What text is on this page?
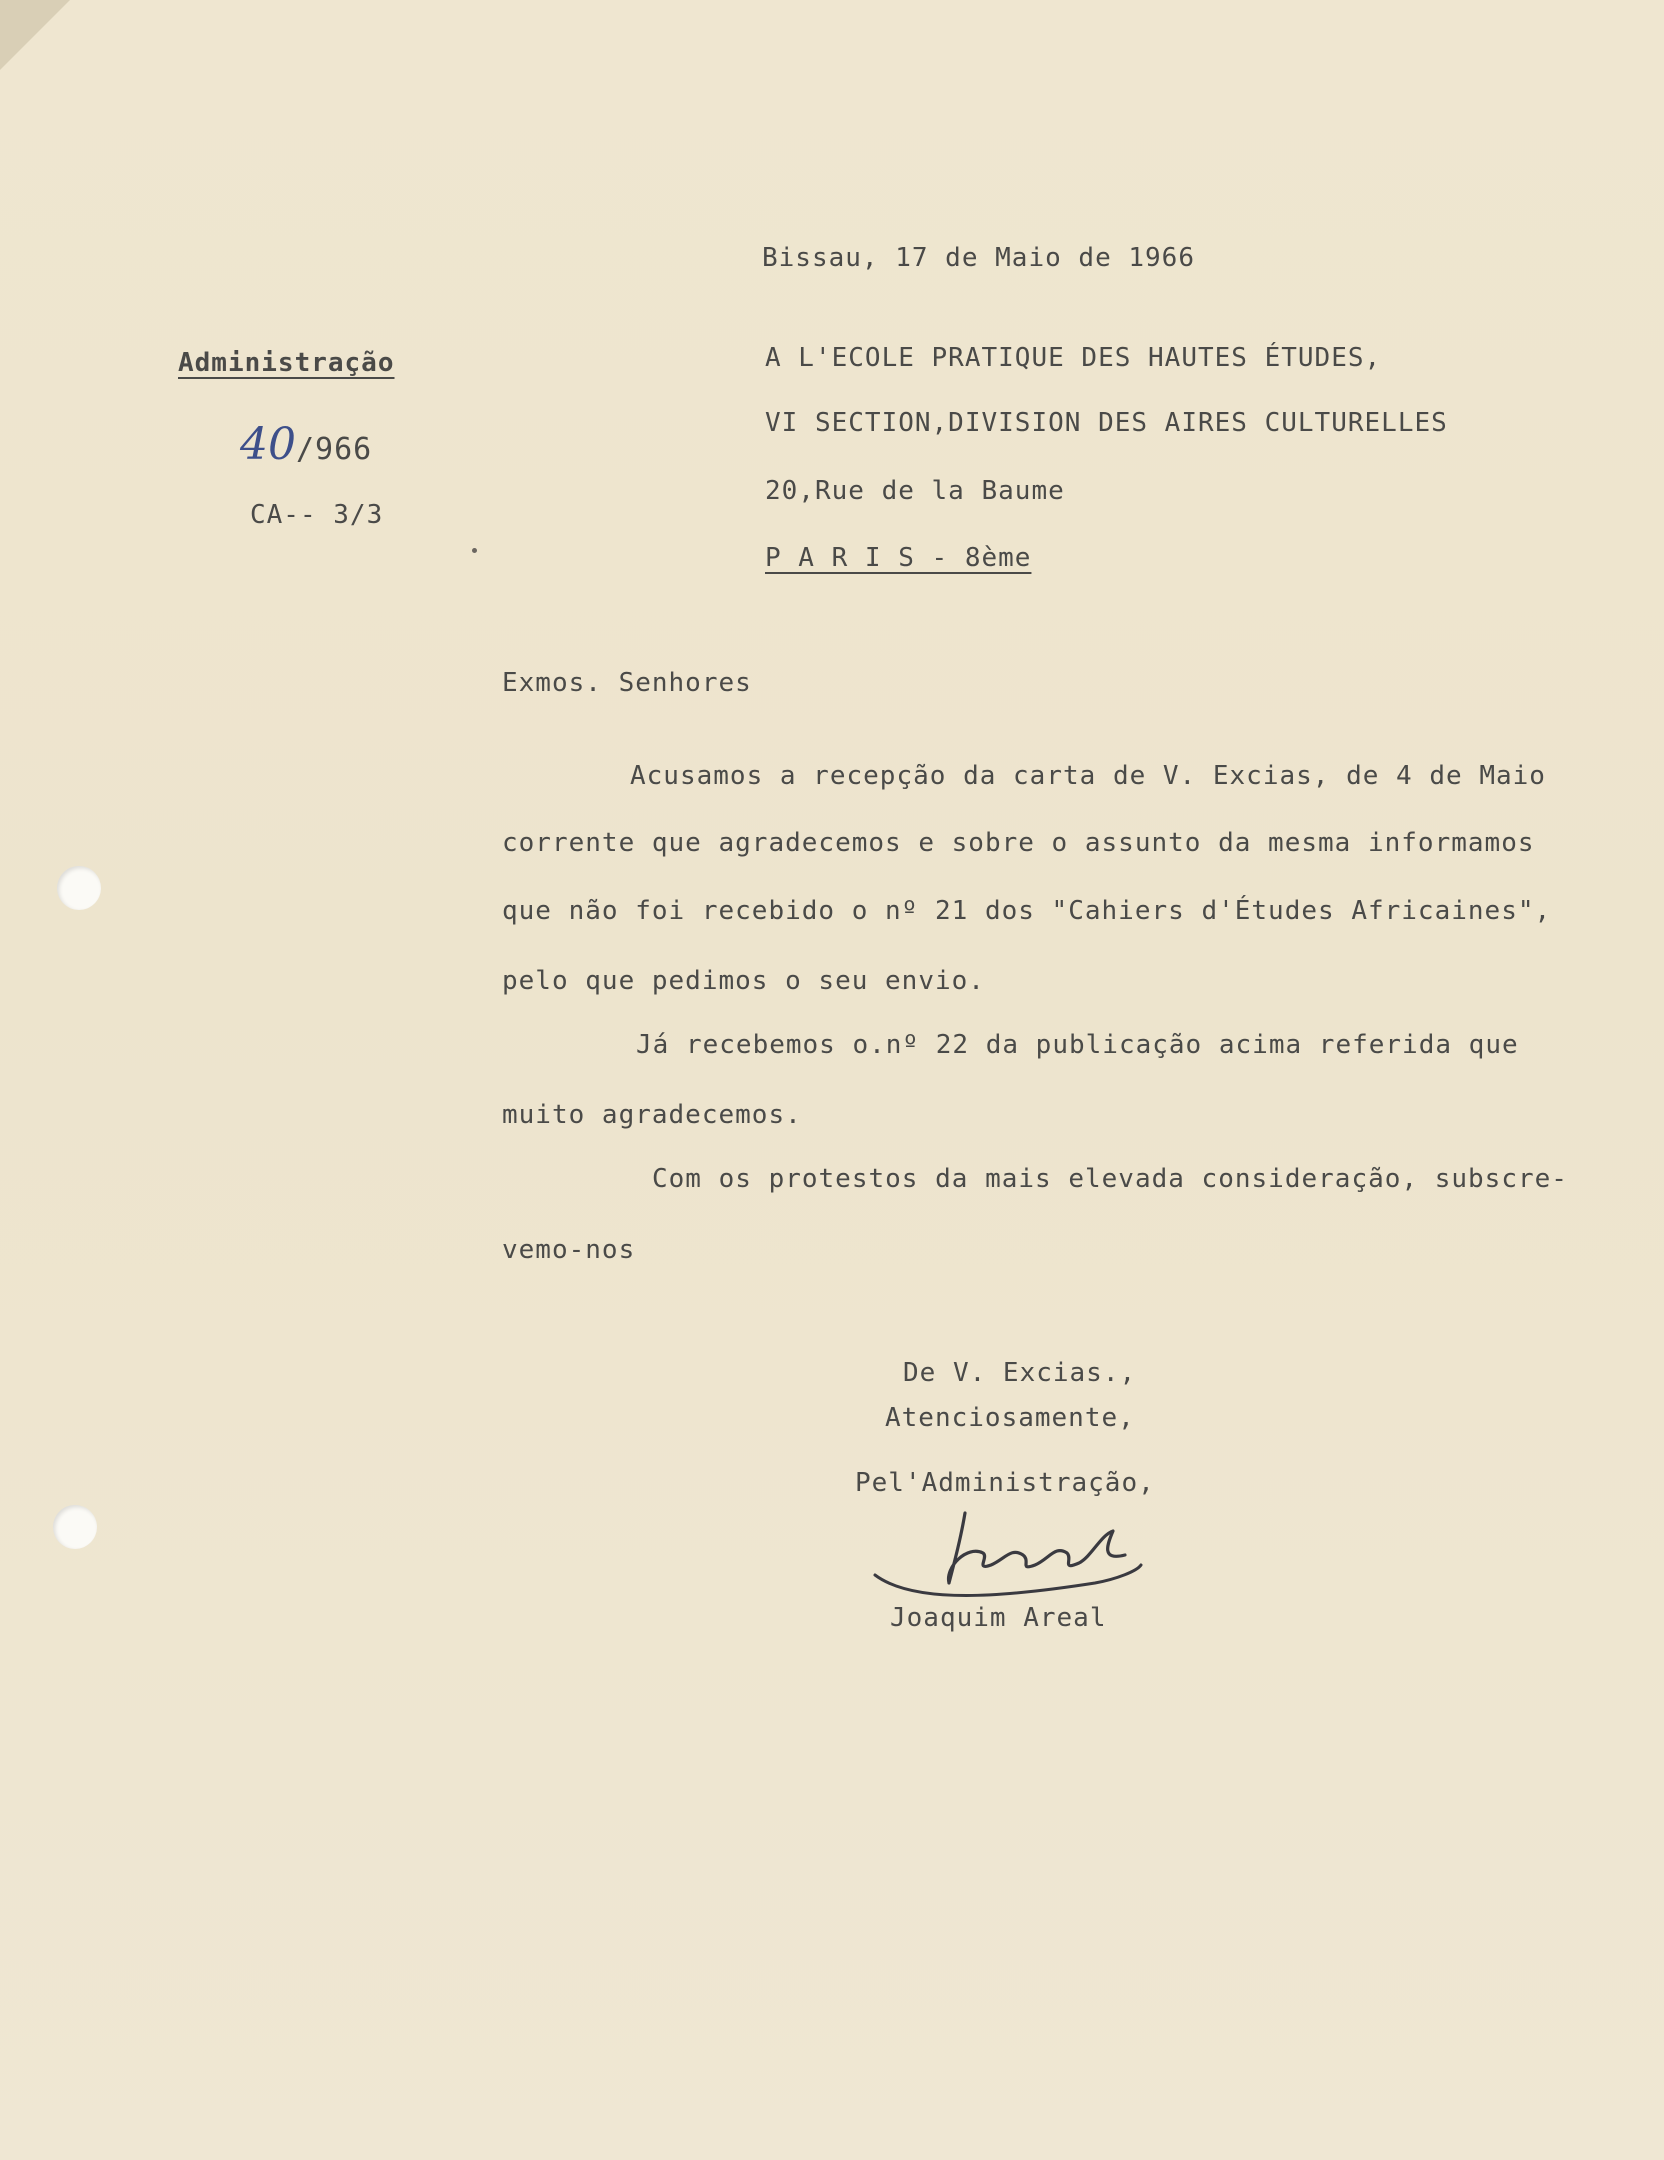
Bissau, 17 de Maio de 1966
Administração
40/966
CA-- 3/3
A L'ECOLE PRATIQUE DES HAUTES ÉTUDES,
VI SECTION,DIVISION DES AIRES CULTURELLES
20,Rue de la Baume
P A R I S - 8ème
Exmos. Senhores
Acusamos a recepção da carta de V. Excias, de 4 de Maio
corrente que agradecemos e sobre o assunto da mesma informamos
que não foi recebido o nº 21 dos "Cahiers d'Études Africaines",
pelo que pedimos o seu envio.
Já recebemos o.nº 22 da publicação acima referida que
muito agradecemos.
Com os protestos da mais elevada consideração, subscre-
vemo-nos
De V. Excias.,
Atenciosamente,
Pel'Administração,
Joaquim Areal
